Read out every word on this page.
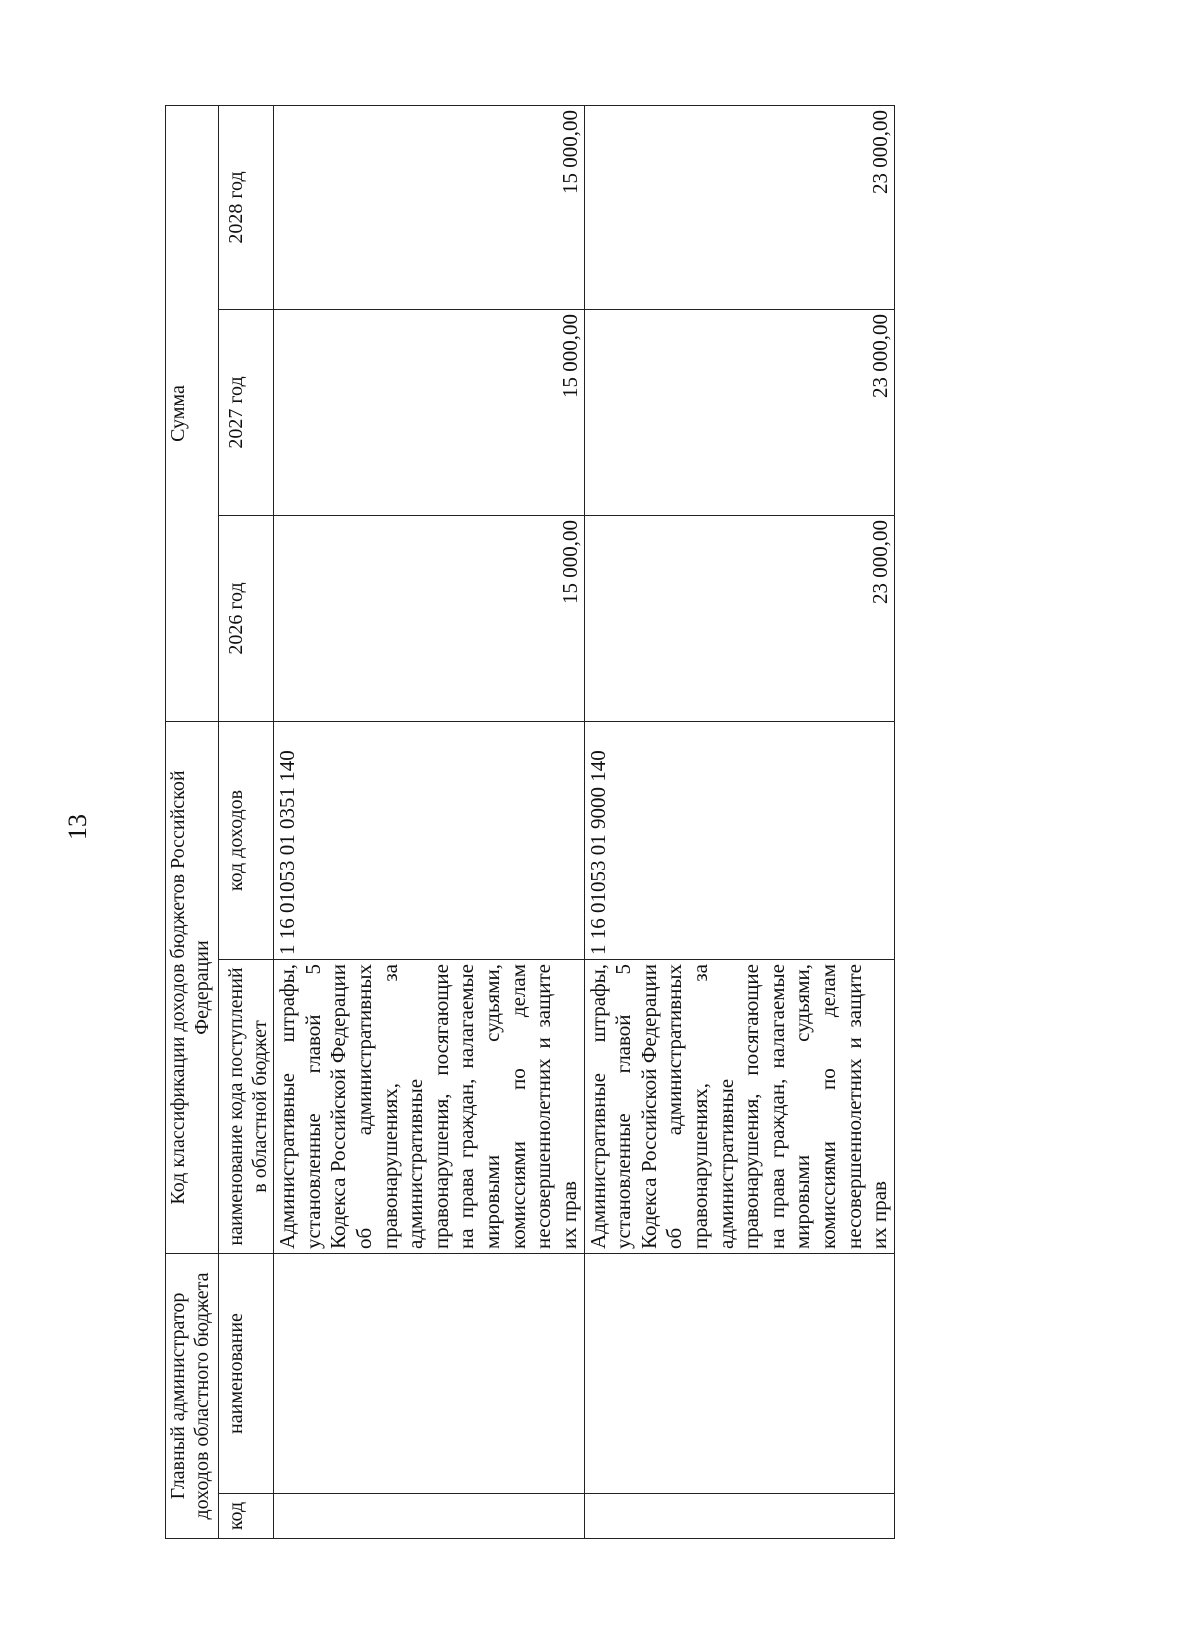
13
Главный администратор доходов областного бюджета		Код классификации доходов бюджетов Российской Федерации		Сумма		
код	наименование	наименование кода поступлений в областной бюджет	код доходов	2026 год	2027 год	2028 год
		Административные штрафы, установленные главой 5 Кодекса Российской Федерации об административных правонарушениях, за административные правонарушения, посягающие на права граждан, налагаемые мировыми судьями, комиссиями по делам несовершеннолетних и защите их прав	1 16 01053 01 0351 140	15 000,00	15 000,00	15 000,00
		Административные штрафы, установленные главой 5 Кодекса Российской Федерации об административных правонарушениях, за административные правонарушения, посягающие на права граждан, налагаемые мировыми судьями, комиссиями по делам несовершеннолетних и защите их прав	1 16 01053 01 9000 140	23 000,00	23 000,00	23 000,00
